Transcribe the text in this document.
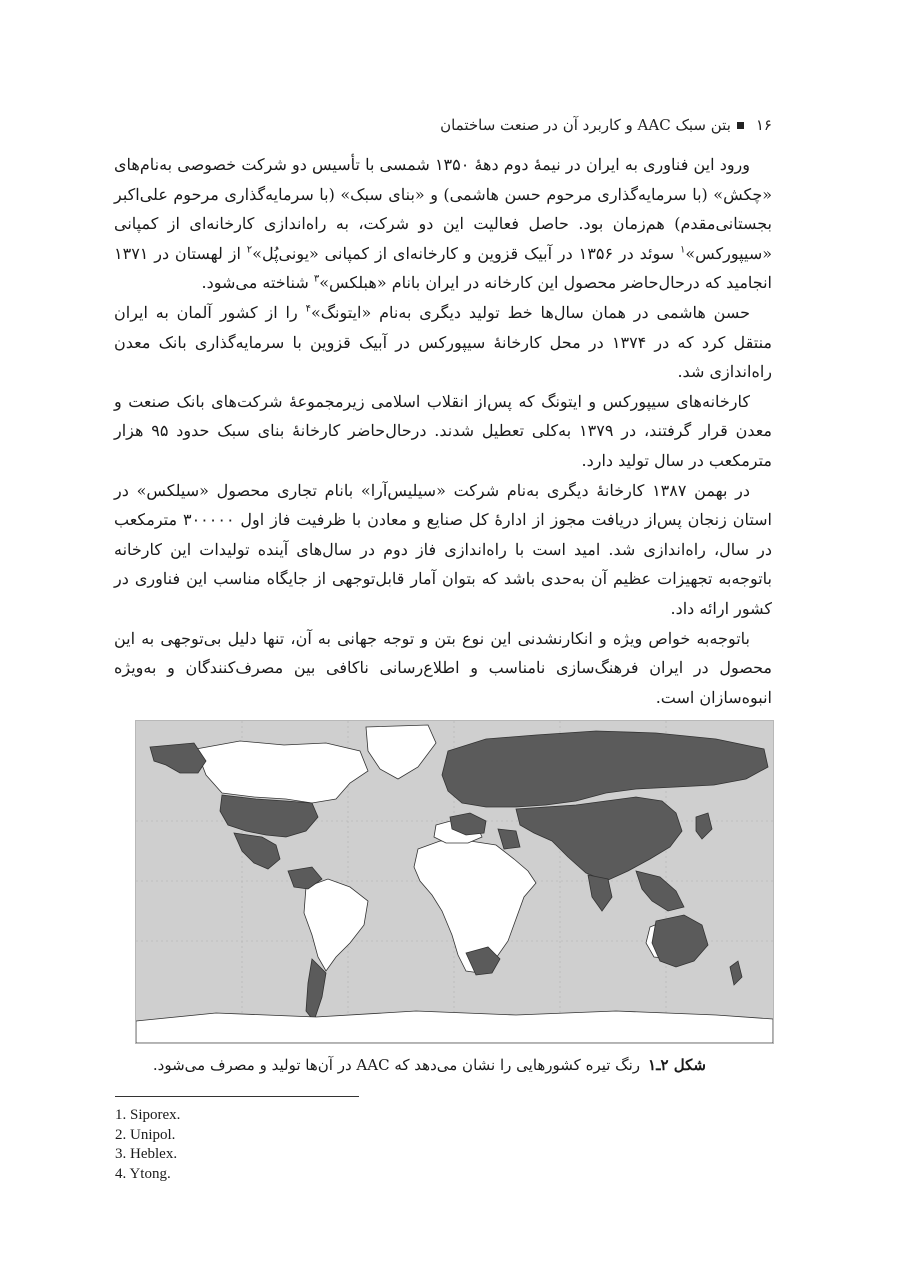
۱۶بتن سبک AAC و کاربرد آن در صنعت ساختمان

ورود این فناوری به ایران در نیمهٔ دوم دههٔ ۱۳۵۰ شمسی با تأسیس دو شرکت خصوصی به‌نام‌های «چکش» (با سرمایه‌گذاری مرحوم حسن هاشمی) و «بنای سبک» (با سرمایه‌گذاری مرحوم علی‌اکبر بجستانی‌مقدم) هم‌زمان بود. حاصل فعالیت این دو شرکت، به راه‌اندازی کارخانه‌ای از کمپانی «سیپورکس»$^۱$ سوئد در ۱۳۵۶ در آبیک قزوین و کارخانه‌ای از کمپانی «یونی‌پُل»$^۲$ از لهستان در ۱۳۷۱ انجامید که درحال‌حاضر محصول این کارخانه در ایران بانام «هبلکس»$^۳$ شناخته می‌شود.

حسن هاشمی در همان سال‌ها خط تولید دیگری به‌نام «ایتونگ»$^۴$ را از کشور آلمان به ایران منتقل کرد که در ۱۳۷۴ در محل کارخانهٔ سیپورکس در آبیک قزوین با سرمایه‌گذاری بانک معدن راه‌اندازی شد.

کارخانه‌های سیپورکس و ایتونگ که پس‌از انقلاب اسلامی زیرمجموعهٔ شرکت‌های بانک صنعت و معدن قرار گرفتند، در ۱۳۷۹ به‌کلی تعطیل شدند. درحال‌حاضر کارخانهٔ بنای سبک حدود ۹۵ هزار مترمکعب در سال تولید دارد.

در بهمن ۱۳۸۷ کارخانهٔ دیگری به‌نام شرکت «سیلیس‌آرا» بانام تجاری محصول «سیلکس» در استان زنجان پس‌از دریافت مجوز از ادارهٔ کل صنایع و معادن با ظرفیت فاز اول ۳۰۰۰۰۰ مترمکعب در سال، راه‌اندازی شد. امید است با راه‌اندازی فاز دوم در سال‌های آینده تولیدات این کارخانه باتوجه‌به تجهیزات عظیم آن به‌حدی باشد که بتوان آمار قابل‌توجهی از جایگاه مناسب این فناوری در کشور ارائه داد.

باتوجه‌به خواص ویژه و انکارنشدنی این نوع بتن و توجه جهانی به آن، تنها دلیل بی‌توجهی به این محصول در ایران فرهنگ‌سازی نامناسب و اطلاع‌رسانی ناکافی بین مصرف‌کنندگان و به‌ویژه انبوه‌سازان است.

شکل ۲ـ۱رنگ تیره کشورهایی را نشان می‌دهد که AAC در آن‌ها تولید و مصرف می‌شود.
1. Siporex.
2. Unipol.
3. Heblex.
4. Ytong.
